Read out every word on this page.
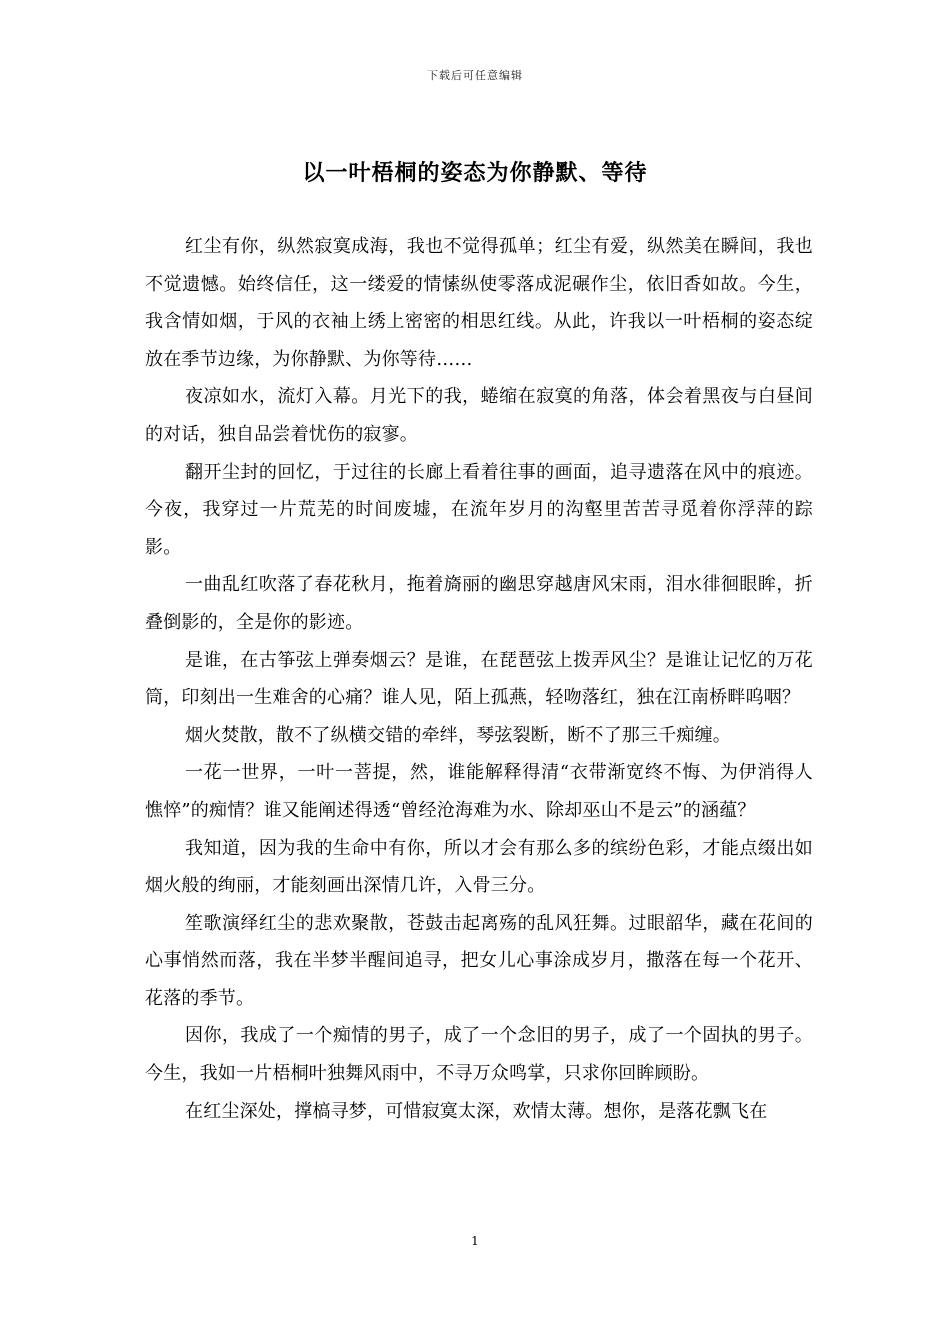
下载后可任意编辑
以一叶梧桐的姿态为你静默、等待

红尘有你，纵然寂寞成海，我也不觉得孤单；红尘有爱，纵然美在瞬间，我也不觉遗憾。始终信任，这一缕爱的情愫纵使零落成泥碾作尘，依旧香如故。今生，我含情如烟，于风的衣袖上绣上密密的相思红线。从此，许我以一叶梧桐的姿态绽放在季节边缘，为你静默、为你等待……

夜凉如水，流灯入幕。月光下的我，蜷缩在寂寞的角落，体会着黑夜与白昼间的对话，独自品尝着忧伤的寂寥。

翻开尘封的回忆，于过往的长廊上看着往事的画面，追寻遗落在风中的痕迹。今夜，我穿过一片荒芜的时间废墟，在流年岁月的沟壑里苦苦寻觅着你浮萍的踪影。

一曲乱红吹落了春花秋月，拖着旖丽的幽思穿越唐风宋雨，泪水徘徊眼眸，折叠倒影的，全是你的影迹。

是谁，在古筝弦上弹奏烟云？是谁，在琵琶弦上拨弄风尘？是谁让记忆的万花筒，印刻出一生难舍的心痛？谁人见，陌上孤燕，轻吻落红，独在江南桥畔呜咽？

烟火焚散，散不了纵横交错的牵绊，琴弦裂断，断不了那三千痴缠。

一花一世界，一叶一菩提，然，谁能解释得清“衣带渐宽终不悔、为伊消得人憔悴”的痴情？谁又能阐述得透“曾经沧海难为水、除却巫山不是云”的涵蕴？

我知道，因为我的生命中有你，所以才会有那么多的缤纷色彩，才能点缀出如烟火般的绚丽，才能刻画出深情几许，入骨三分。

笙歌演绎红尘的悲欢聚散，苍鼓击起离殇的乱风狂舞。过眼韶华，藏在花间的心事悄然而落，我在半梦半醒间追寻，把女儿心事涂成岁月，撒落在每一个花开、花落的季节。

因你，我成了一个痴情的男子，成了一个念旧的男子，成了一个固执的男子。今生，我如一片梧桐叶独舞风雨中，不寻万众鸣掌，只求你回眸顾盼。

在红尘深处，撑槁寻梦，可惜寂寞太深，欢情太薄。想你，是落花飘飞在

1
